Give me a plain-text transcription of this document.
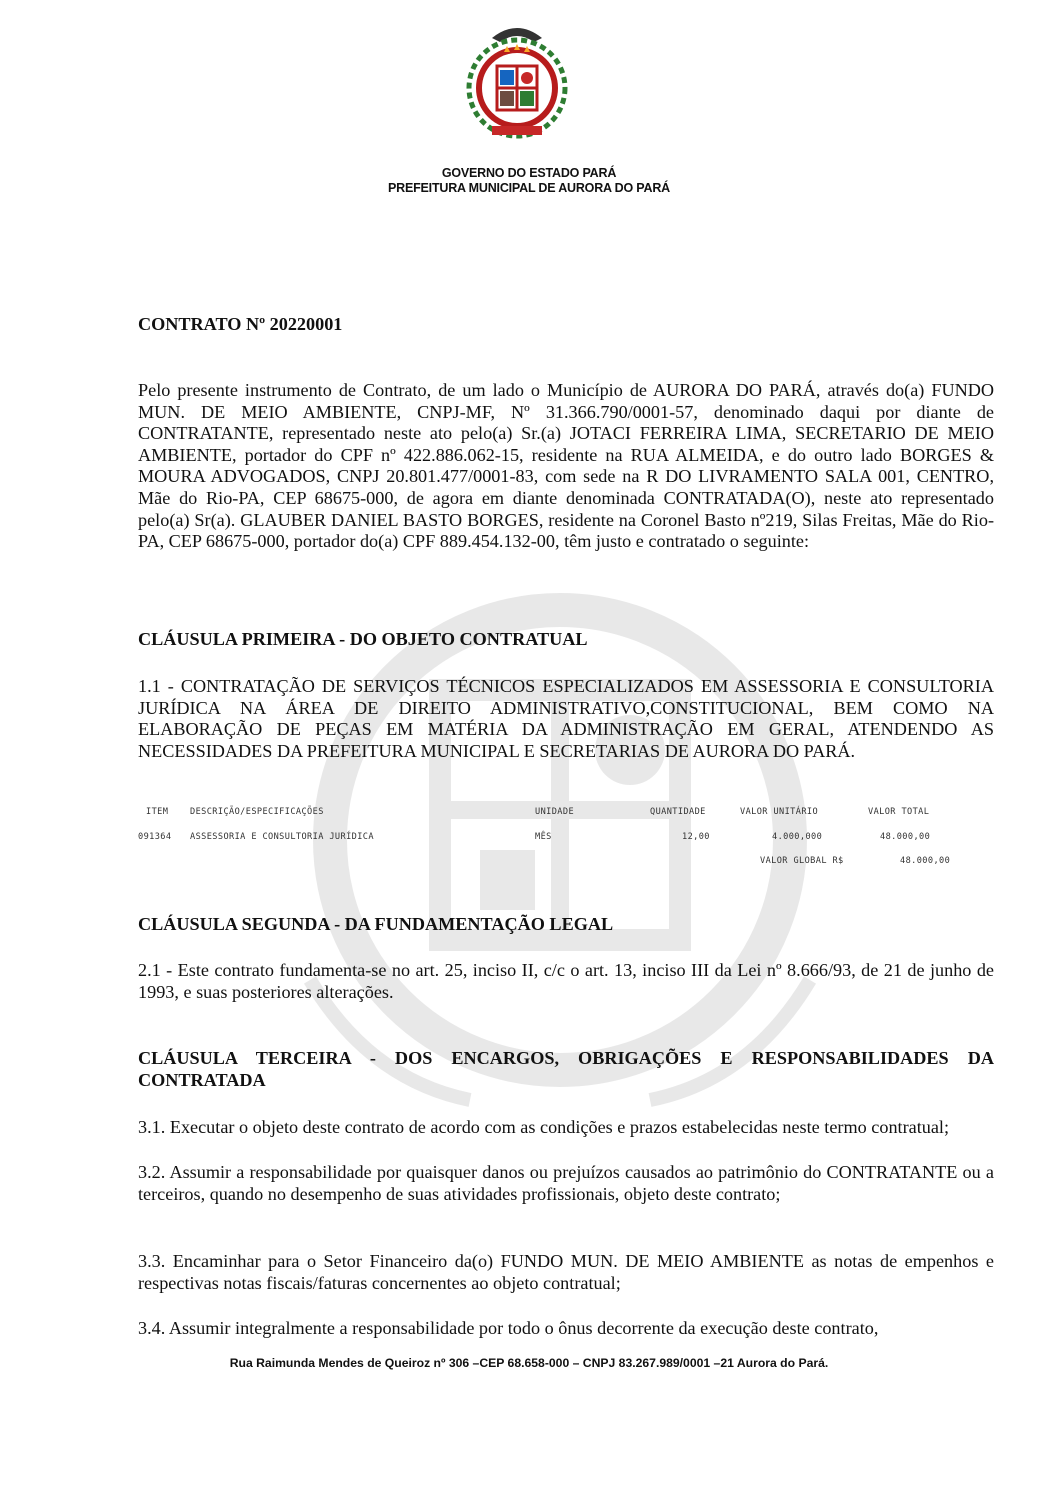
GOVERNO DO ESTADO PARÁ
PREFEITURA MUNICIPAL DE AURORA DO PARÁ
CONTRATO Nº 20220001
Pelo presente instrumento de Contrato, de um lado o Município de AURORA DO PARÁ, através do(a) FUNDO MUN. DE MEIO AMBIENTE, CNPJ-MF, Nº 31.366.790/0001-57, denominado daqui por diante de CONTRATANTE, representado neste ato pelo(a) Sr.(a) JOTACI FERREIRA LIMA, SECRETARIO DE MEIO AMBIENTE, portador do CPF nº 422.886.062-15, residente na RUA ALMEIDA, e do outro lado BORGES & MOURA ADVOGADOS, CNPJ 20.801.477/0001-83, com sede na R DO LIVRAMENTO SALA 001, CENTRO, Mãe do Rio-PA, CEP 68675-000, de agora em diante denominada CONTRATADA(O), neste ato representado pelo(a) Sr(a). GLAUBER DANIEL BASTO BORGES, residente na Coronel Basto nº219, Silas Freitas, Mãe do Rio-PA, CEP 68675-000, portador do(a) CPF 889.454.132-00, têm justo e contratado o seguinte:
CLÁUSULA PRIMEIRA - DO OBJETO CONTRATUAL
1.1 - CONTRATAÇÃO DE SERVIÇOS TÉCNICOS ESPECIALIZADOS EM ASSESSORIA E CONSULTORIA JURÍDICA NA ÁREA DE DIREITO ADMINISTRATIVO,CONSTITUCIONAL, BEM COMO NA ELABORAÇÃO DE PEÇAS EM MATÉRIA DA ADMINISTRAÇÃO EM GERAL, ATENDENDO AS NECESSIDADES DA PREFEITURA MUNICIPAL E SECRETARIAS DE AURORA DO PARÁ.
ITEM	DESCRIÇÃO/ESPECIFICAÇÕES	UNIDADE	QUANTIDADE	VALOR UNITÁRIO	VALOR TOTAL
091364 ASSESSORIA E CONSULTORIA JURÍDICA	MÊS	12,00	4.000,000	48.000,00
VALOR GLOBAL R$	48.000,00
CLÁUSULA SEGUNDA - DA FUNDAMENTAÇÃO LEGAL
2.1 - Este contrato fundamenta-se no art. 25, inciso II, c/c o art. 13, inciso III da Lei nº 8.666/93, de 21 de junho de 1993, e suas posteriores alterações.
CLÁUSULA TERCEIRA - DOS ENCARGOS, OBRIGAÇÕES E RESPONSABILIDADES DA CONTRATADA
3.1. Executar o objeto deste contrato de acordo com as condições e prazos estabelecidas neste termo contratual;
3.2. Assumir a responsabilidade por quaisquer danos ou prejuízos causados ao patrimônio do CONTRATANTE ou a terceiros, quando no desempenho de suas atividades profissionais, objeto deste contrato;
3.3. Encaminhar para o Setor Financeiro da(o) FUNDO MUN. DE MEIO AMBIENTE as notas de empenhos e respectivas notas fiscais/faturas concernentes ao objeto contratual;
3.4. Assumir integralmente a responsabilidade por todo o ônus decorrente da execução deste contrato,
Rua Raimunda Mendes de Queiroz nº 306 –CEP 68.658-000 – CNPJ 83.267.989/0001 –21 Aurora do Pará.
